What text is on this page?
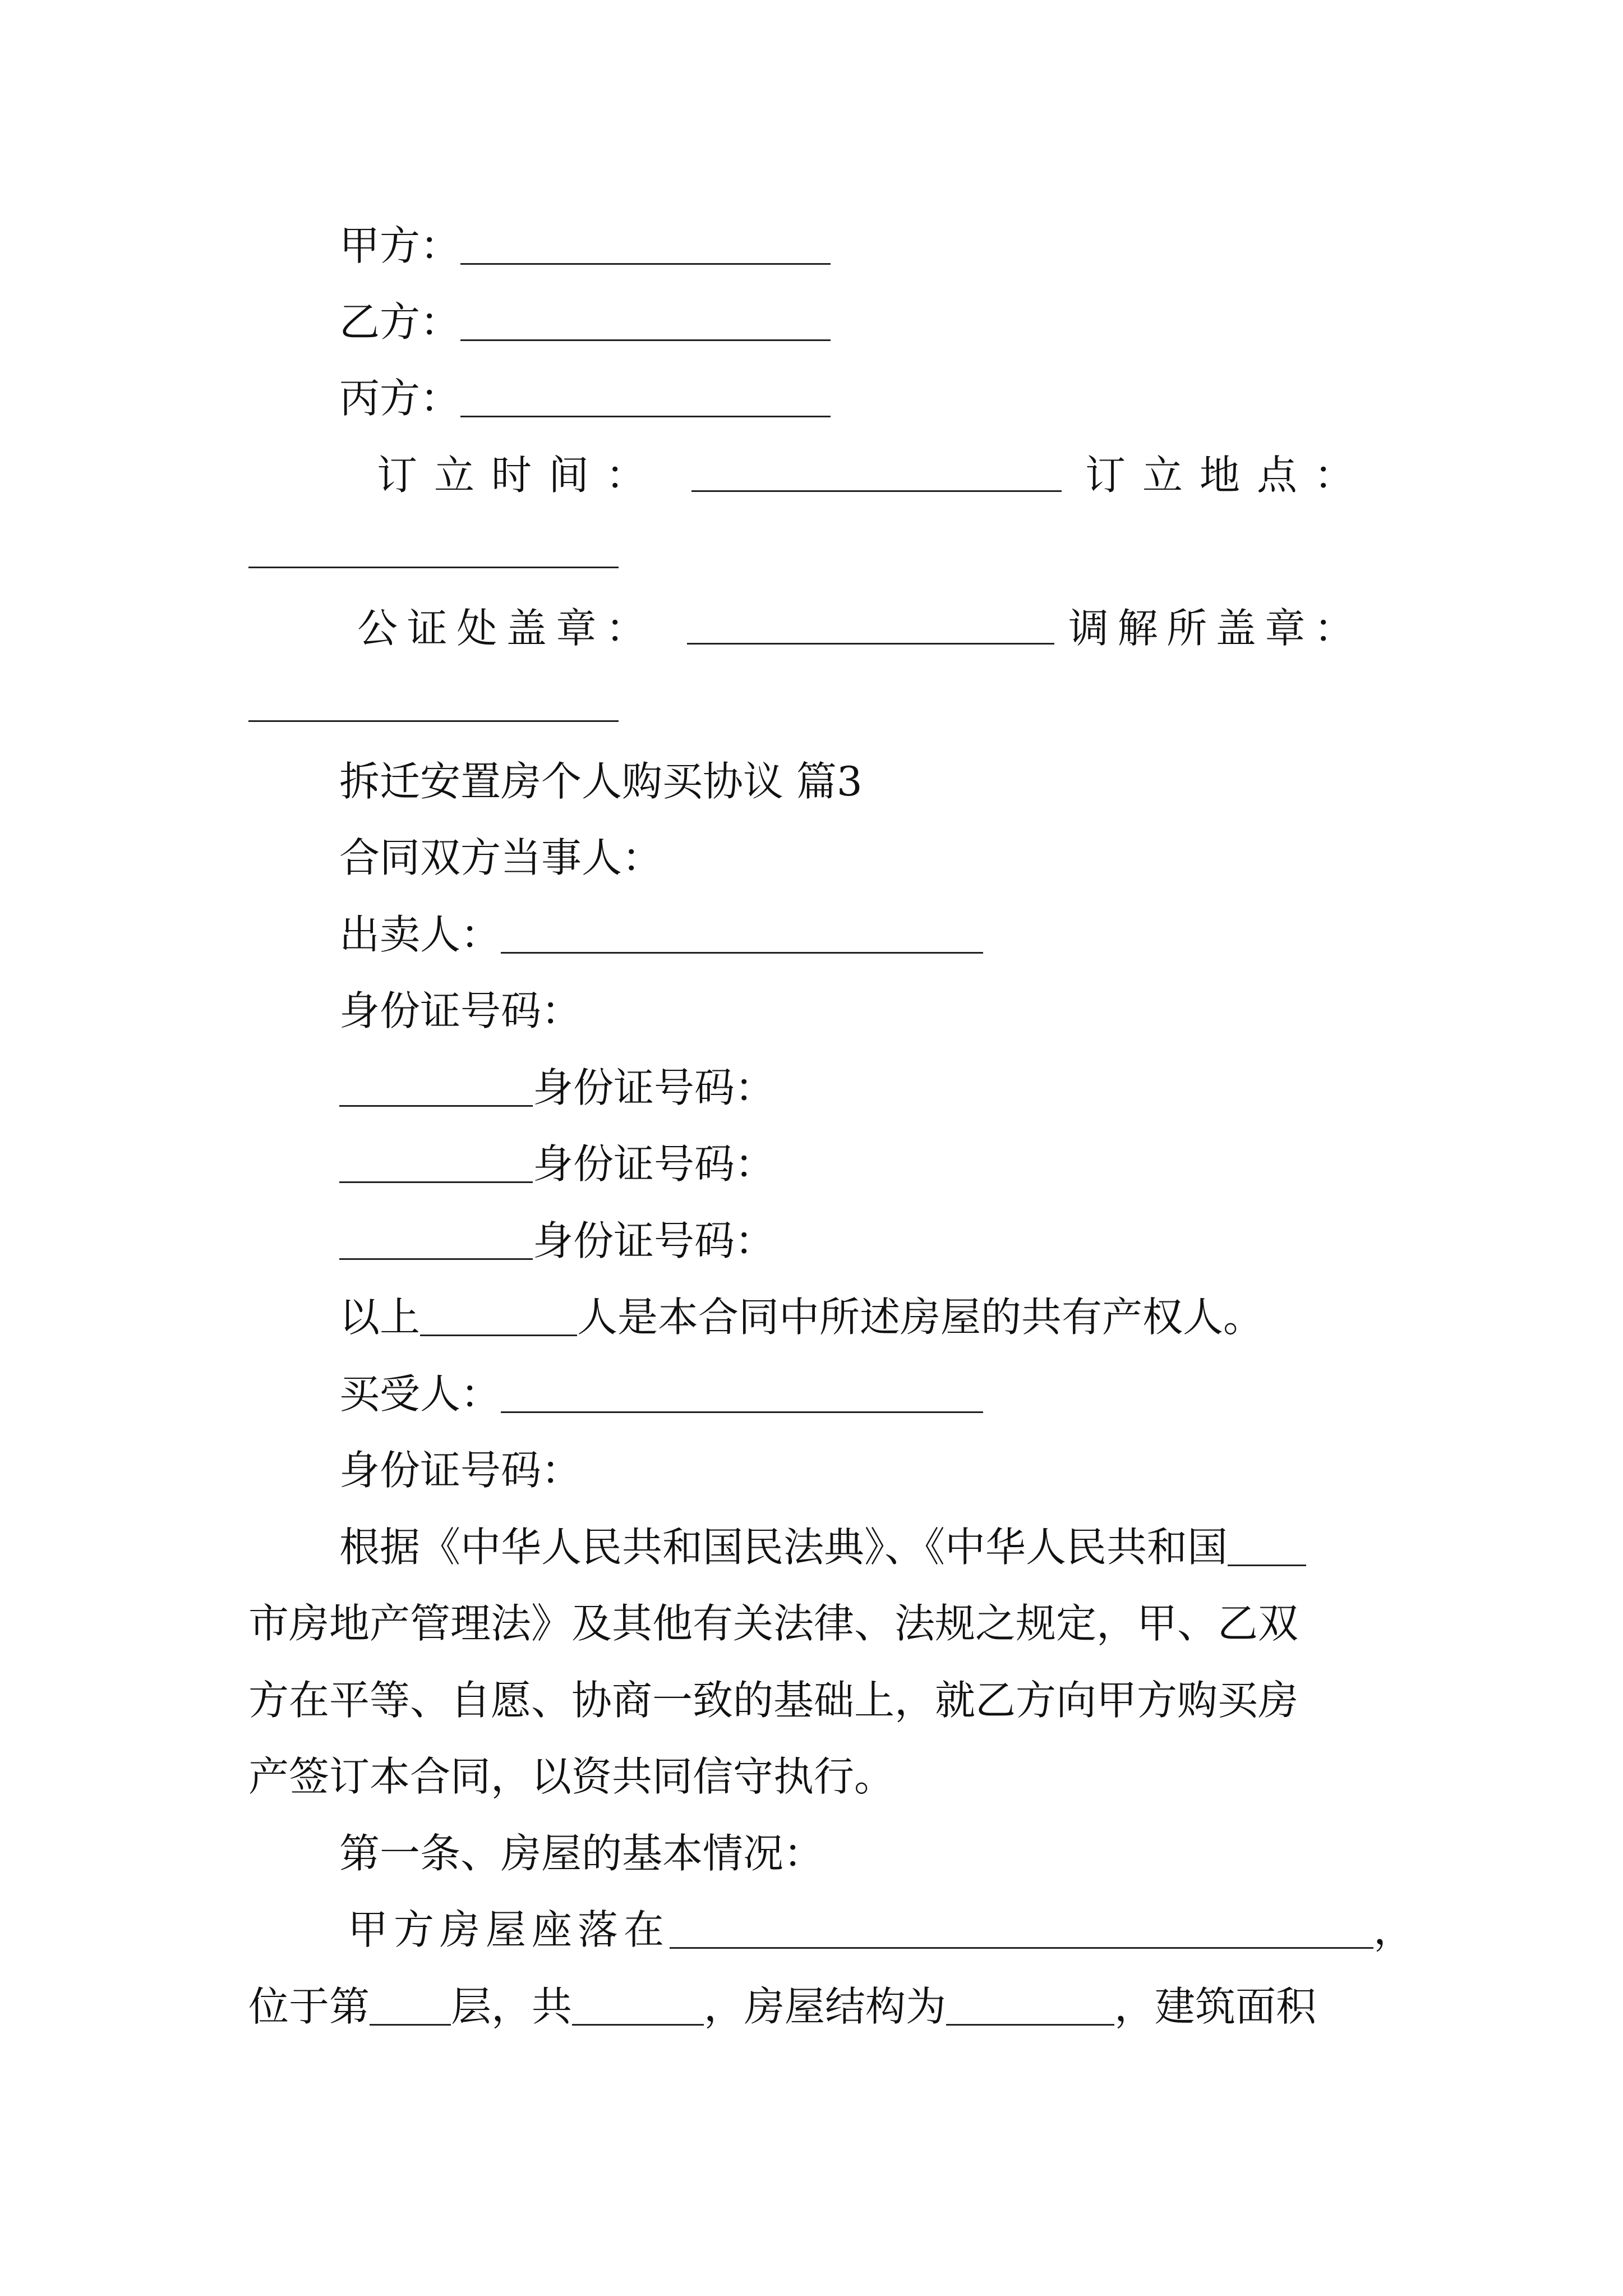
甲方：
乙方：
丙方：
订 立 时 间 ：	订 立 地 点 ：
公 证 处 盖 章 ：	调 解 所 盖 章 ：
拆迁安置房个人购买协议 篇3
合同双方当事人：
出卖人：
身份证号码：
身份证号码：
身份证号码：
身份证号码：
以上	人是本合同中所述房屋的共有产权人。
买受人：
身份证号码：
根据《中华人民共和国民法典》、《中华人民共和国
市房地产管理法》及其他有关法律、法规之规定，甲、乙双
方在平等、自愿、协商一致的基础上，就乙方向甲方购买房
产签订本合同，以资共同信守执行。
第一条、房屋的基本情况：
甲方房屋座落在	，
位于第 层，共	，房屋结构为	，建筑面积
